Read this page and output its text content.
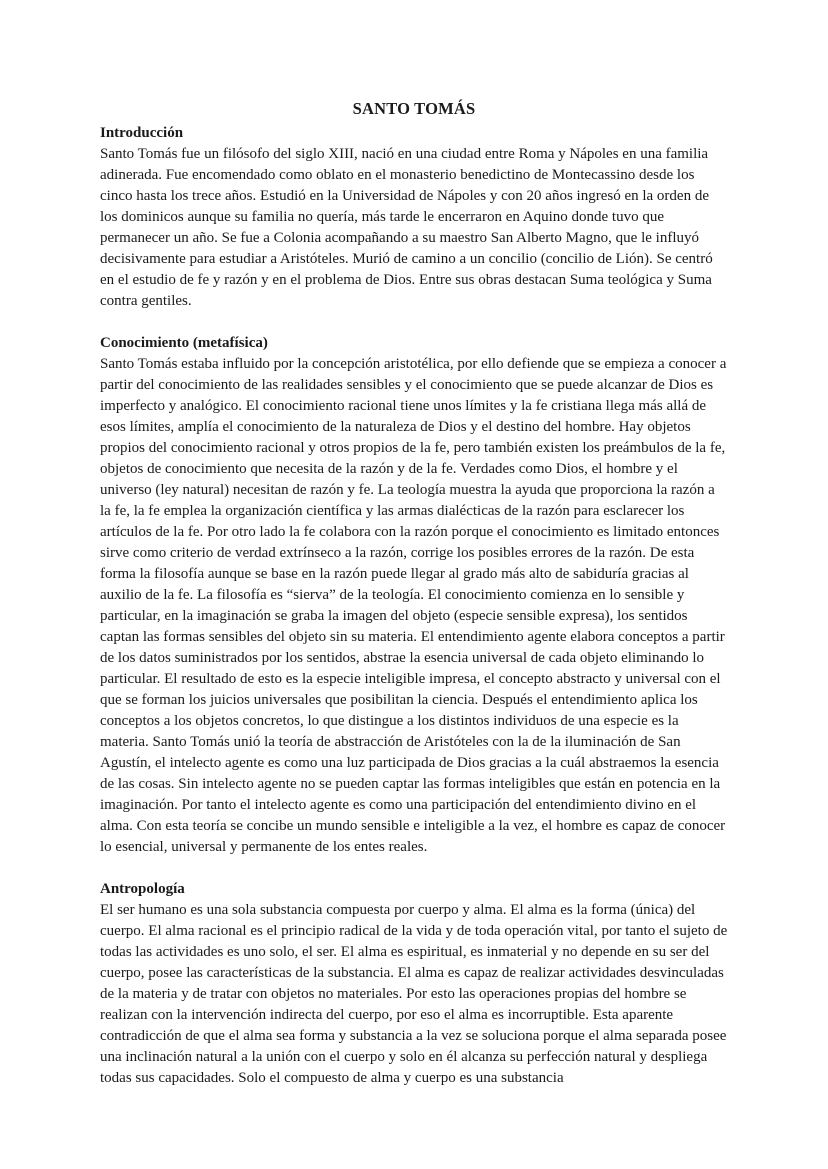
SANTO TOMÁS
Introducción

Santo Tomás fue un filósofo del siglo XIII, nació en una ciudad entre Roma y Nápoles en una familia adinerada. Fue encomendado como oblato en el monasterio benedictino de Montecassino desde los cinco hasta los trece años. Estudió en la Universidad de Nápoles y con 20 años ingresó en la orden de los dominicos aunque su familia no quería, más tarde le encerraron en Aquino donde tuvo que permanecer un año. Se fue a Colonia acompañando a su maestro San Alberto Magno, que le influyó decisivamente para estudiar a Aristóteles. Murió de camino a un concilio (concilio de Lión). Se centró en el estudio de fe y razón y en el problema de Dios. Entre sus obras destacan Suma teológica y Suma contra gentiles.

Conocimiento (metafísica)

Santo Tomás estaba influido por la concepción aristotélica, por ello defiende que se empieza a conocer a partir del conocimiento de las realidades sensibles y el conocimiento que se puede alcanzar de Dios es imperfecto y analógico. El conocimiento racional tiene unos límites y la fe cristiana llega más allá de esos límites, amplía el conocimiento de la naturaleza de Dios y el destino del hombre. Hay objetos propios del conocimiento racional y otros propios de la fe, pero también existen los preámbulos de la fe, objetos de conocimiento que necesita de la razón y de la fe. Verdades como Dios, el hombre y el universo (ley natural) necesitan de razón y fe. La teología muestra la ayuda que proporciona la razón a la fe, la fe emplea la organización científica y las armas dialécticas de la razón para esclarecer los artículos de la fe. Por otro lado la fe colabora con la razón porque el conocimiento es limitado entonces sirve como criterio de verdad extrínseco a la razón, corrige los posibles errores de la razón. De esta forma la filosofía aunque se base en la razón puede llegar al grado más alto de sabiduría gracias al auxilio de la fe. La filosofía es “sierva” de la teología. El conocimiento comienza en lo sensible y particular, en la imaginación se graba la imagen del objeto (especie sensible expresa), los sentidos captan las formas sensibles del objeto sin su materia. El entendimiento agente elabora conceptos a partir de los datos suministrados por los sentidos, abstrae la esencia universal de cada objeto eliminando lo particular. El resultado de esto es la especie inteligible impresa, el concepto abstracto y universal con el que se forman los juicios universales que posibilitan la ciencia. Después el entendimiento aplica los conceptos a los objetos concretos, lo que distingue a los distintos individuos de una especie es la materia. Santo Tomás unió la teoría de abstracción de Aristóteles con la de la iluminación de San Agustín, el intelecto agente es como una luz participada de Dios gracias a la cuál abstraemos la esencia de las cosas. Sin intelecto agente no se pueden captar las formas inteligibles que están en potencia en la imaginación. Por tanto el intelecto agente es como una participación del entendimiento divino en el alma. Con esta teoría se concibe un mundo sensible e inteligible a la vez, el hombre es capaz de conocer lo esencial, universal y permanente de los entes reales.

Antropología

El ser humano es una sola substancia compuesta por cuerpo y alma. El alma es la forma (única) del cuerpo. El alma racional es el principio radical de la vida y de toda operación vital, por tanto el sujeto de todas las actividades es uno solo, el ser. El alma es espiritual, es inmaterial y no depende en su ser del cuerpo, posee las características de la substancia. El alma es capaz de realizar actividades desvinculadas de la materia y de tratar con objetos no materiales. Por esto las operaciones propias del hombre se realizan con la intervención indirecta del cuerpo, por eso el alma es incorruptible. Esta aparente contradicción de que el alma sea forma y substancia a la vez se soluciona porque el alma separada posee una inclinación natural a la unión con el cuerpo y solo en él alcanza su perfección natural y despliega todas sus capacidades. Solo el compuesto de alma y cuerpo es una substancia
